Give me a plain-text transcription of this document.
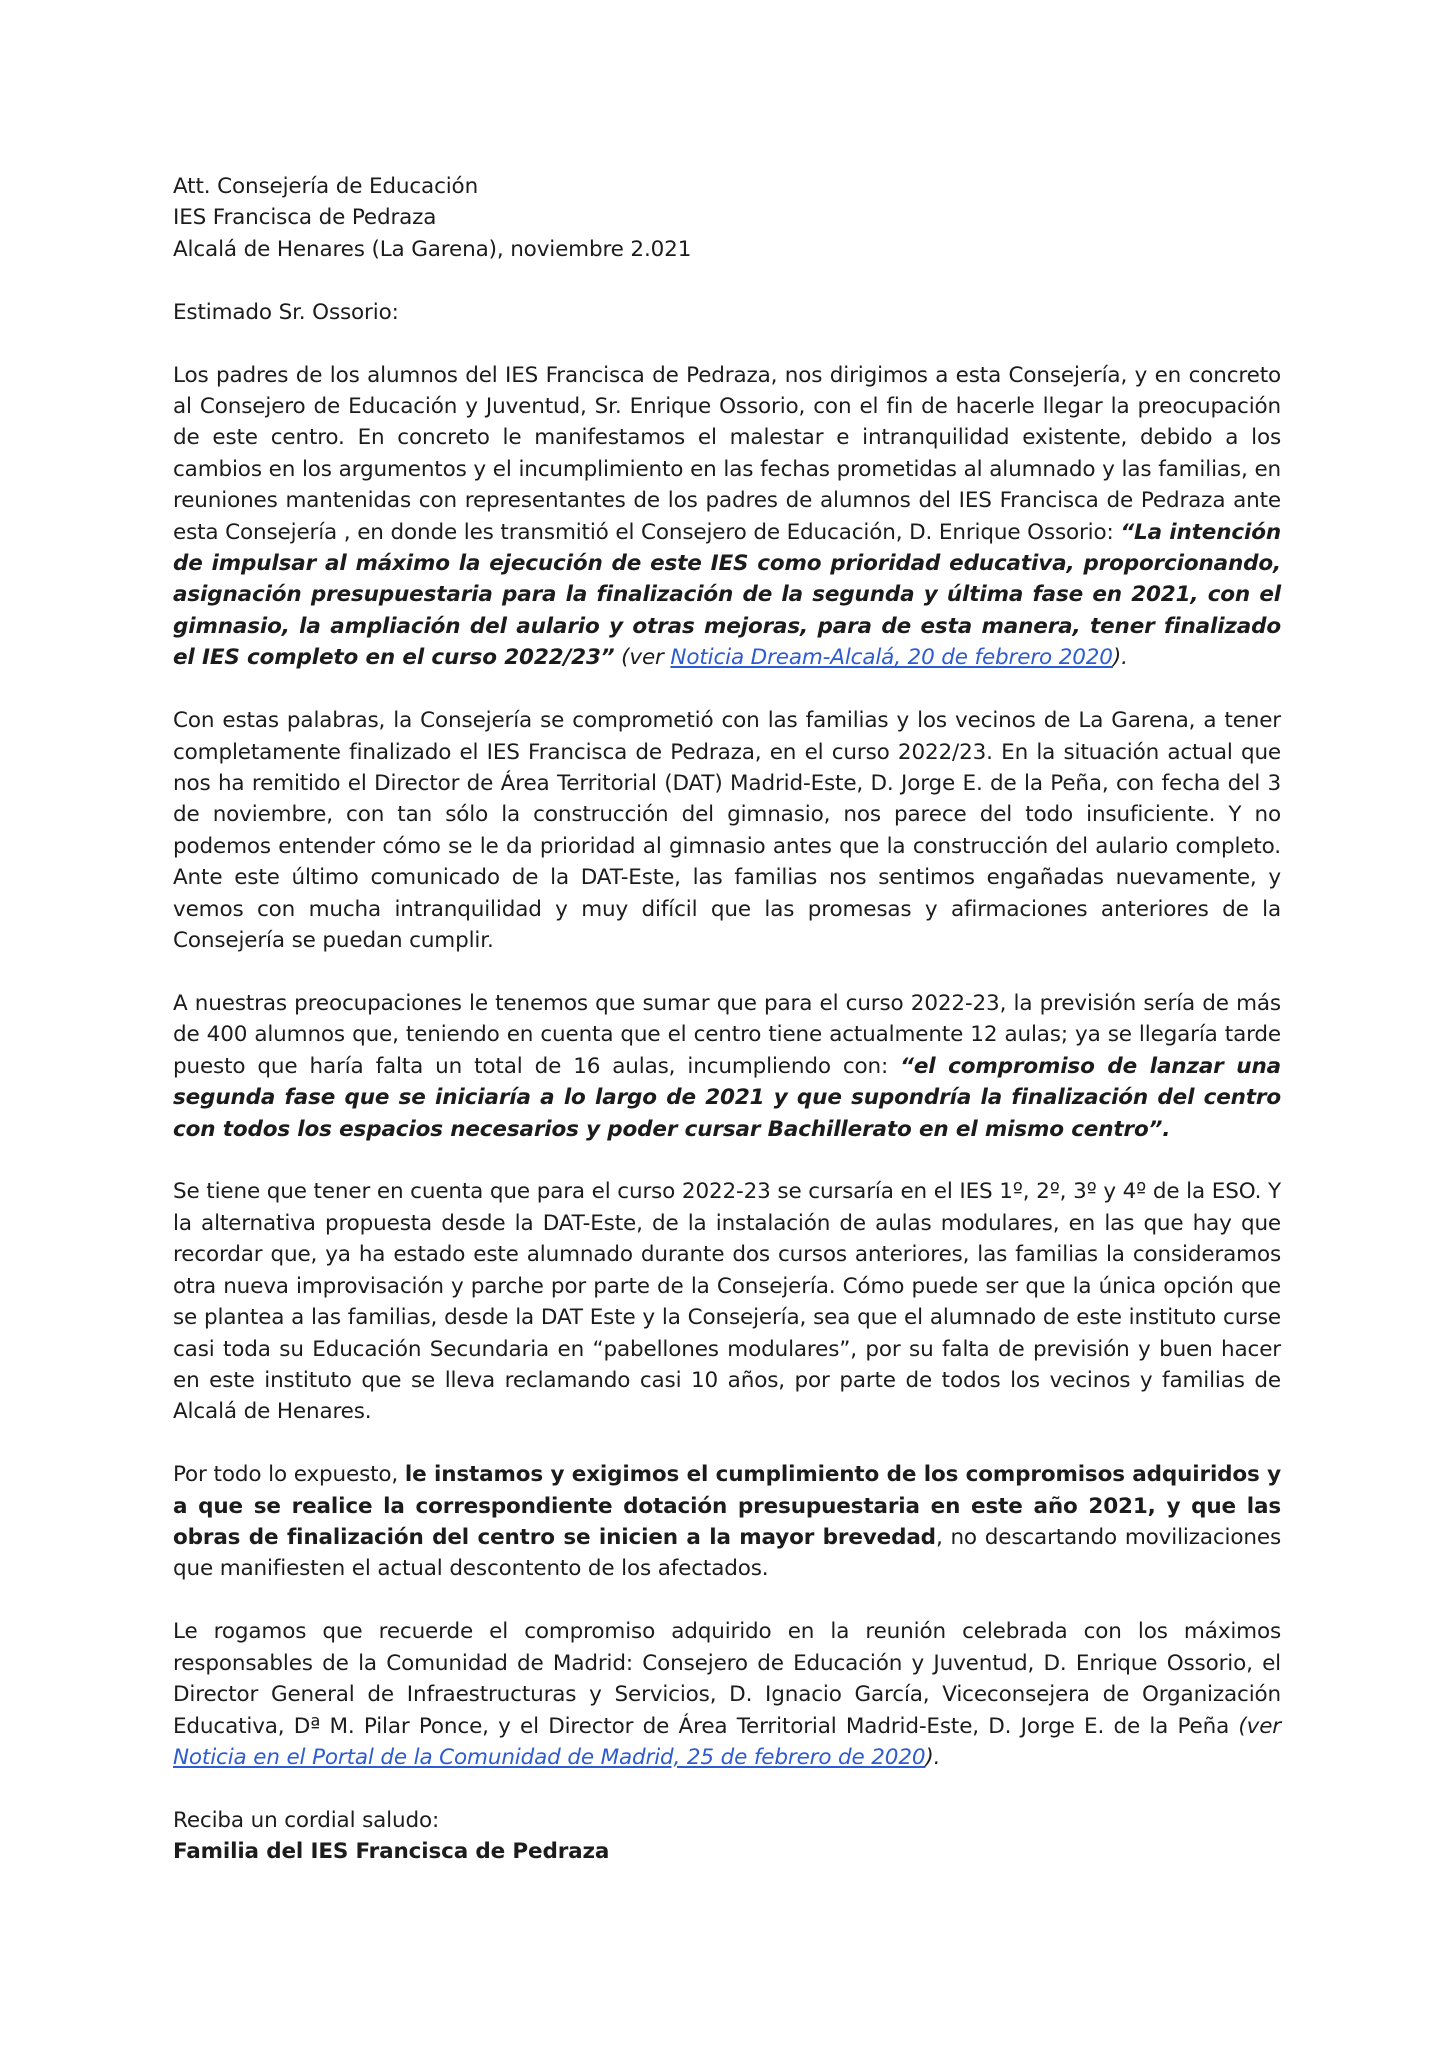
Att. Consejería de Educación
IES Francisca de Pedraza
Alcalá de Henares (La Garena), noviembre 2.021

Estimado Sr. Ossorio:

Los padres de los alumnos del IES Francisca de Pedraza, nos dirigimos a esta Consejería, y en concreto al Consejero de Educación y Juventud, Sr. Enrique Ossorio, con el fin de hacerle llegar la preocupación de este centro. En concreto le manifestamos el malestar e intranquilidad existente, debido a los cambios en los argumentos y el incumplimiento en las fechas prometidas al alumnado y las familias, en reuniones mantenidas con representantes de los padres de alumnos del IES Francisca de Pedraza ante esta Consejería , en donde les transmitió el Consejero de Educación, D. Enrique Ossorio: “La intención de impulsar al máximo la ejecución de este IES como prioridad educativa, proporcionando, asignación presupuestaria para la finalización de la segunda y última fase en 2021, con el gimnasio, la ampliación del aulario y otras mejoras, para de esta manera, tener finalizado el IES completo en el curso 2022/23” (ver Noticia Dream-Alcalá, 20 de febrero 2020).

Con estas palabras, la Consejería se comprometió con las familias y los vecinos de La Garena, a tener completamente finalizado el IES Francisca de Pedraza, en el curso 2022/23. En la situación actual que nos ha remitido el Director de Área Territorial (DAT) Madrid-Este, D. Jorge E. de la Peña, con fecha del 3 de noviembre, con tan sólo la construcción del gimnasio, nos parece del todo insuficiente. Y no podemos entender cómo se le da prioridad al gimnasio antes que la construcción del aulario completo. Ante este último comunicado de la DAT-Este, las familias nos sentimos engañadas nuevamente, y vemos con mucha intranquilidad y muy difícil que las promesas y afirmaciones anteriores de la Consejería se puedan cumplir.

A nuestras preocupaciones le tenemos que sumar que para el curso 2022-23, la previsión sería de más de 400 alumnos que, teniendo en cuenta que el centro tiene actualmente 12 aulas; ya se llegaría tarde puesto que haría falta un total de 16 aulas, incumpliendo con: “el compromiso de lanzar una segunda fase que se iniciaría a lo largo de 2021 y que supondría la finalización del centro con todos los espacios necesarios y poder cursar Bachillerato en el mismo centro”.

Se tiene que tener en cuenta que para el curso 2022-23 se cursaría en el IES 1º, 2º, 3º y 4º de la ESO. Y la alternativa propuesta desde la DAT-Este, de la instalación de aulas modulares, en las que hay que recordar que, ya ha estado este alumnado durante dos cursos anteriores, las familias la consideramos otra nueva improvisación y parche por parte de la Consejería. Cómo puede ser que la única opción que se plantea a las familias, desde la DAT Este y la Consejería, sea que el alumnado de este instituto curse casi toda su Educación Secundaria en “pabellones modulares”, por su falta de previsión y buen hacer en este instituto que se lleva reclamando casi 10 años, por parte de todos los vecinos y familias de Alcalá de Henares.

Por todo lo expuesto, le instamos y exigimos el cumplimiento de los compromisos adquiridos y a que se realice la correspondiente dotación presupuestaria en este año 2021, y que las obras de finalización del centro se inicien a la mayor brevedad, no descartando movilizaciones que manifiesten el actual descontento de los afectados.

Le rogamos que recuerde el compromiso adquirido en la reunión celebrada con los máximos responsables de la Comunidad de Madrid: Consejero de Educación y Juventud, D. Enrique Ossorio, el Director General de Infraestructuras y Servicios, D. Ignacio García, Viceconsejera de Organización Educativa, Dª M. Pilar Ponce, y el Director de Área Territorial Madrid-Este, D. Jorge E. de la Peña (ver Noticia en el Portal de la Comunidad de Madrid, 25 de febrero de 2020).

Reciba un cordial saludo:
Familia del IES Francisca de Pedraza
